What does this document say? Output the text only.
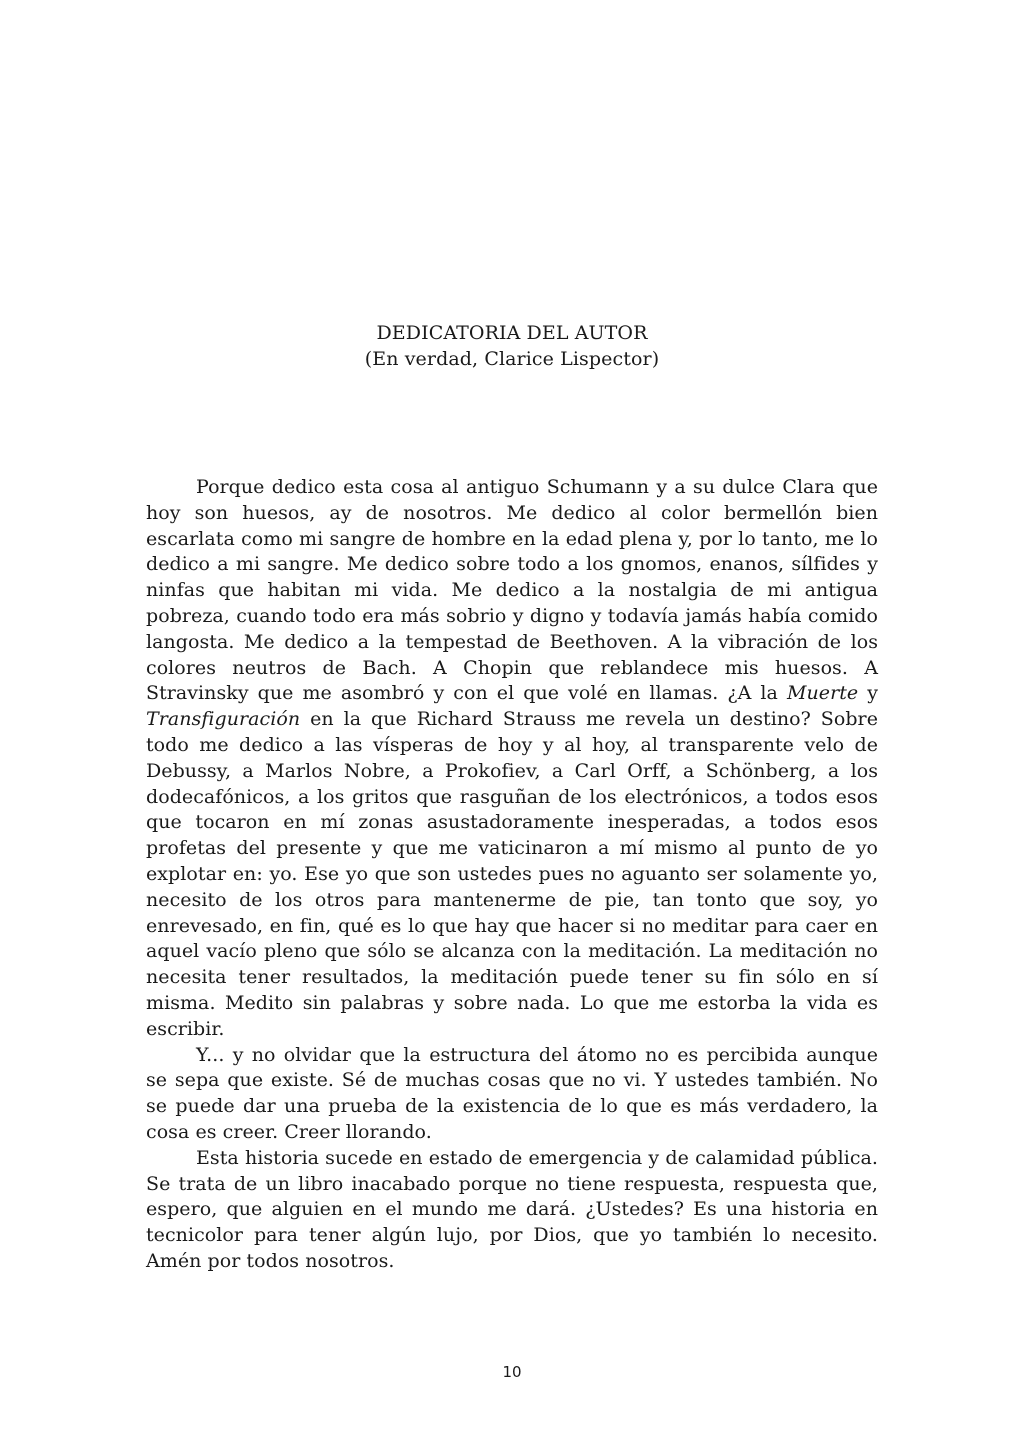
DEDICATORIA DEL AUTOR
(En verdad, Clarice Lispector)

Porque dedico esta cosa al antiguo Schumann y a su dulce Clara que hoy son huesos, ay de nosotros. Me dedico al color bermellón bien escarlata como mi sangre de hombre en la edad plena y, por lo tanto, me lo dedico a mi sangre. Me dedico sobre todo a los gnomos, enanos, sílfides y ninfas que habitan mi vida. Me dedico a la nostalgia de mi antigua pobreza, cuando todo era más sobrio y digno y todavía jamás había comido langosta. Me dedico a la tempestad de Beethoven. A la vibración de los colores neutros de Bach. A Chopin que reblandece mis huesos. A Stravinsky que me asombró y con el que volé en llamas. ¿A la Muerte y Transfiguración en la que Richard Strauss me revela un destino? Sobre todo me dedico a las vísperas de hoy y al hoy, al transparente velo de Debussy, a Marlos Nobre, a Prokofiev, a Carl Orff, a Schönberg, a los dodecafónicos, a los gritos que rasguñan de los electrónicos, a todos esos que tocaron en mí zonas asustadoramente inesperadas, a todos esos profetas del presente y que me vaticinaron a mí mismo al punto de yo explotar en: yo. Ese yo que son ustedes pues no aguanto ser solamente yo, necesito de los otros para mantenerme de pie, tan tonto que soy, yo enrevesado, en fin, qué es lo que hay que hacer si no meditar para caer en aquel vacío pleno que sólo se alcanza con la meditación. La meditación no necesita tener resultados, la meditación puede tener su fin sólo en sí misma. Medito sin palabras y sobre nada. Lo que me estorba la vida es escribir.

Y... y no olvidar que la estructura del átomo no es percibida aunque se sepa que existe. Sé de muchas cosas que no vi. Y ustedes también. No se puede dar una prueba de la existencia de lo que es más verdadero, la cosa es creer. Creer llorando.

Esta historia sucede en estado de emergencia y de calamidad pública. Se trata de un libro inacabado porque no tiene respuesta, respuesta que, espero, que alguien en el mundo me dará. ¿Ustedes? Es una historia en tecnicolor para tener algún lujo, por Dios, que yo también lo necesito. Amén por todos nosotros.

10
